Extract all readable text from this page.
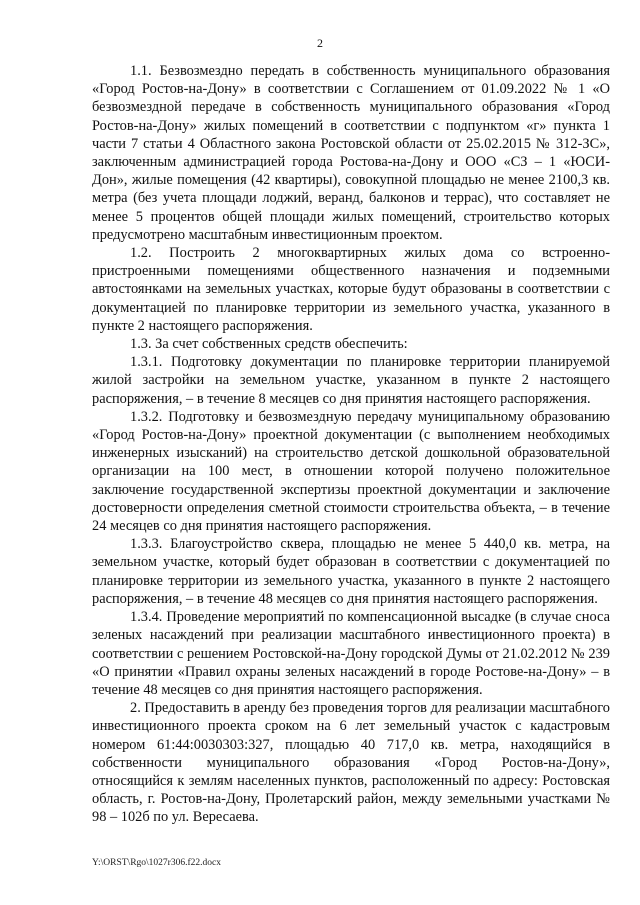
2

1.1. Безвозмездно передать в собственность муниципального образования «Город Ростов-на-Дону» в соответствии с Соглашением от 01.09.2022 № 1 «О безвозмездной передаче в собственность муниципального образования «Город Ростов-на-Дону» жилых помещений в соответствии с подпунктом «г» пункта 1 части 7 статьи 4 Областного закона Ростовской области от 25.02.2015 № 312-ЗС», заключенным администрацией города Ростова-на-Дону и ООО «СЗ – 1 «ЮСИ-Дон», жилые помещения (42 квартиры), совокупной площадью не менее 2100,3 кв. метра (без учета площади лоджий, веранд, балконов и террас), что составляет не менее 5 процентов общей площади жилых помещений, строительство которых предусмотрено масштабным инвестиционным проектом.

1.2. Построить 2 многоквартирных жилых дома со встроенно-пристроенными помещениями общественного назначения и подземными автостоянками на земельных участках, которые будут образованы в соответствии с документацией по планировке территории из земельного участка, указанного в пункте 2 настоящего распоряжения.

1.3. За счет собственных средств обеспечить:

1.3.1. Подготовку документации по планировке территории планируемой жилой застройки на земельном участке, указанном в пункте 2 настоящего распоряжения, – в течение 8 месяцев со дня принятия настоящего распоряжения.

1.3.2. Подготовку и безвозмездную передачу муниципальному образованию «Город Ростов-на-Дону» проектной документации (с выполнением необходимых инженерных изысканий) на строительство детской дошкольной образовательной организации на 100 мест, в отношении которой получено положительное заключение государственной экспертизы проектной документации и заключение достоверности определения сметной стоимости строительства объекта, – в течение 24 месяцев со дня принятия настоящего распоряжения.

1.3.3. Благоустройство сквера, площадью не менее 5 440,0 кв. метра, на земельном участке, который будет образован в соответствии с документацией по планировке территории из земельного участка, указанного в пункте 2 настоящего распоряжения, – в течение 48 месяцев со дня принятия настоящего распоряжения.

1.3.4. Проведение мероприятий по компенсационной высадке (в случае сноса зеленых насаждений при реализации масштабного инвестиционного проекта) в соответствии с решением Ростовской-на-Дону городской Думы от 21.02.2012 № 239 «О принятии «Правил охраны зеленых насаждений в городе Ростове-на-Дону» – в течение 48 месяцев со дня принятия настоящего распоряжения.

2. Предоставить в аренду без проведения торгов для реализации масштабного инвестиционного проекта сроком на 6 лет земельный участок с кадастровым номером 61:44:0030303:327, площадью 40 717,0 кв. метра, находящийся в собственности муниципального образования «Город Ростов-на-Дону», относящийся к землям населенных пунктов, расположенный по адресу: Ростовская область, г. Ростов-на-Дону, Пролетарский район, между земельными участками № 98 – 102б по ул. Вересаева.

Y:\ORST\Rgo\1027r306.f22.docx
